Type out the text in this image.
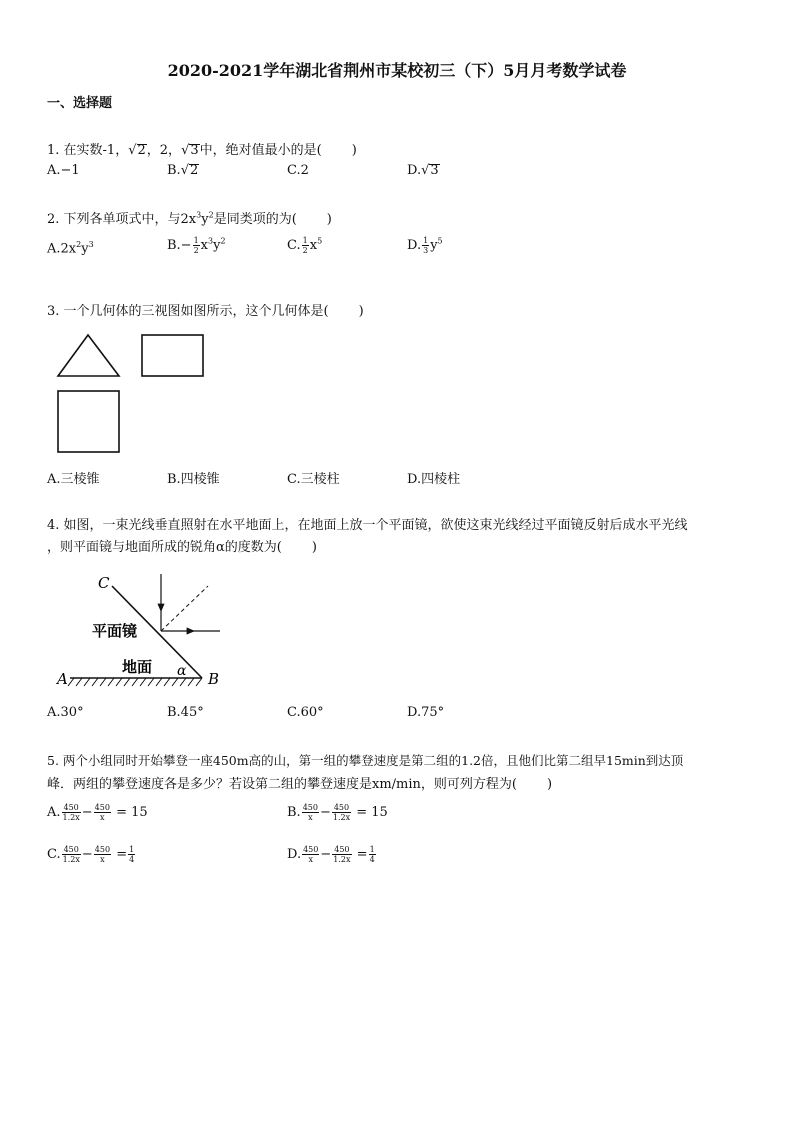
2020-2021学年湖北省荆州市某校初三（下）5月月考数学试卷
一、选择题
1. 在实数-1，√2，2，√3中，绝对值最小的是( )
A.−1	B.√2	C.2	D.√3
2. 下列各单项式中，与$2x^3y^2$是同类项的为( )
$A.2x^2y^3$	$B.- \frac{1}{2} x^3y^2$	C. $\frac{1}{2} x^5$	D. $\frac{1}{3} y^5$
3. 一个几何体的三视图如图所示，这个几何体是( )
A.三棱锥	B.四棱锥	C.三棱柱	D.四棱柱
4. 如图，一束光线垂直照射在水平地面上，在地面上放一个平面镜，欲使这束光线经过平面镜反射后成水平光线
，则平面镜与地面所成的锐角α的度数为( )
C
平面镜
地面 α
A	B
A.30°	B.45°	C.60°	D.75°
5. 两个小组同时开始攀登一座450m高的山，第一组的攀登速度是第二组的1.2倍，且他们比第二组早15min到达顶
峰．两组的攀登速度各是多少？若设第二组的攀登速度是xm/min，则可列方程为( )
A. $\frac{450}{1.2x} - \frac{450}{x} = 15$	B. $\frac{450}{x} - \frac{450}{1.2x} = 15$
C. $\frac{450}{1.2x} - \frac{450}{x} = \frac{1}{4}$	D. $\frac{450}{x} - \frac{450}{1.2x} = \frac{1}{4}$
